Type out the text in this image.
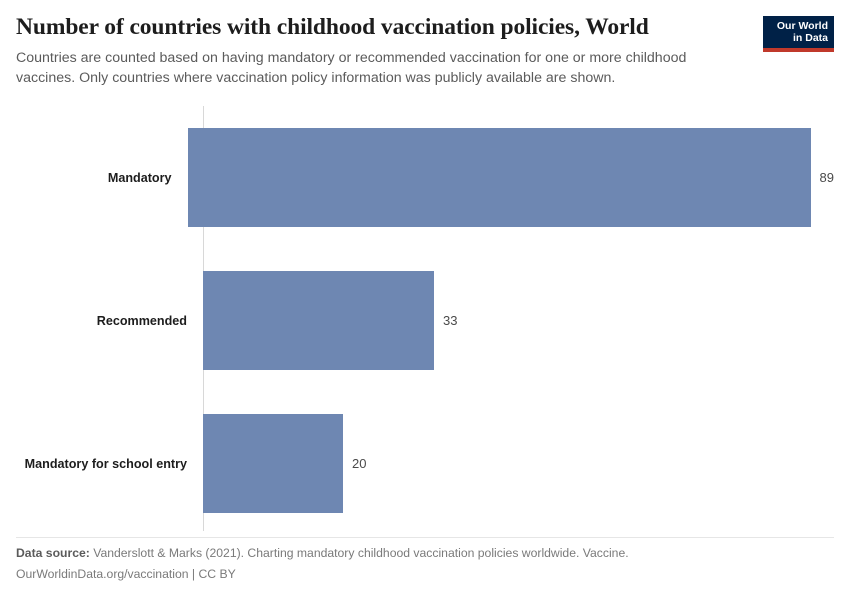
Number of countries with childhood vaccination policies, World

Countries are counted based on having mandatory or recommended vaccination for one or more childhood vaccines. Only countries where vaccination policy information was publicly available are shown.

Our World
in Data
Mandatory	89
Recommended	33
Mandatory for school entry	20
Data source: Vanderslott & Marks (2021). Charting mandatory childhood vaccination policies worldwide. Vaccine.
OurWorldinData.org/vaccination | CC BY
